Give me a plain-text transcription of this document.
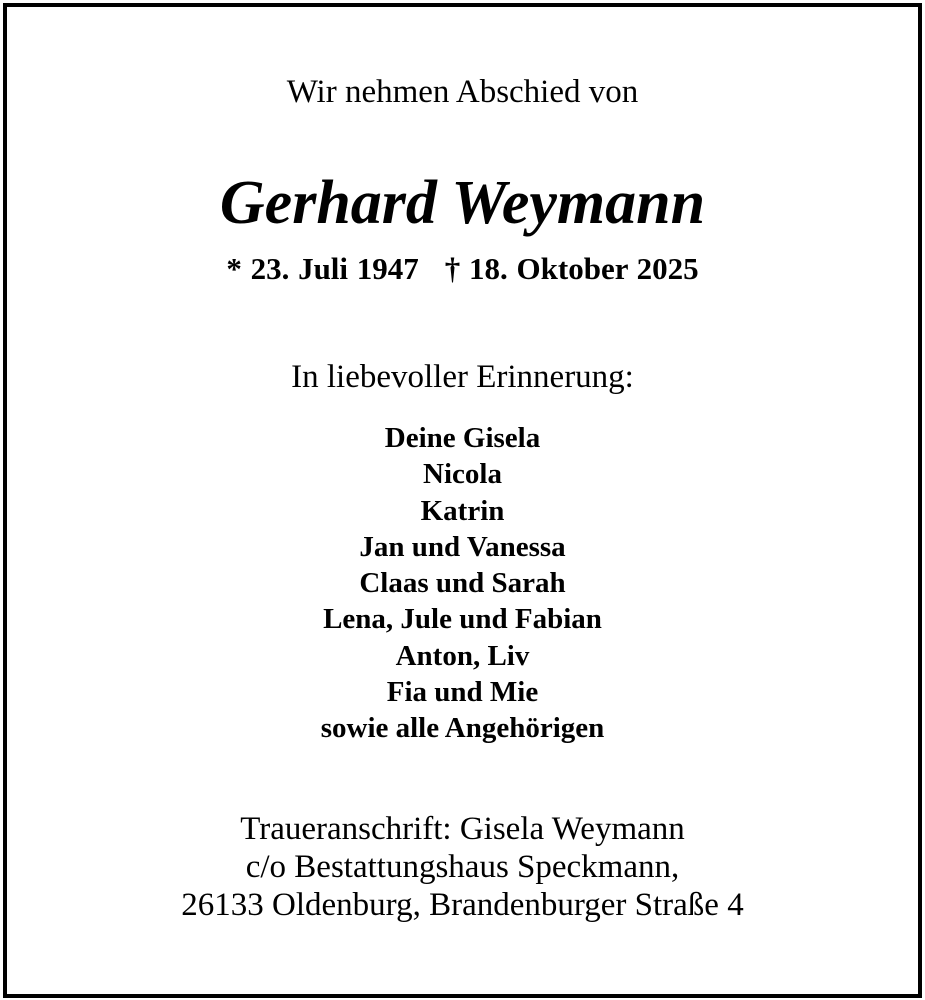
Wir nehmen Abschied von
Gerhard Weymann
* 23. Juli 1947 † 18. Oktober 2025
In liebevoller Erinnerung:
Deine Gisela
Nicola
Katrin
Jan und Vanessa
Claas und Sarah
Lena, Jule und Fabian
Anton, Liv
Fia und Mie
sowie alle Angehörigen
Traueranschrift: Gisela Weymann
c/o Bestattungshaus Speckmann,
26133 Oldenburg, Brandenburger Straße 4
